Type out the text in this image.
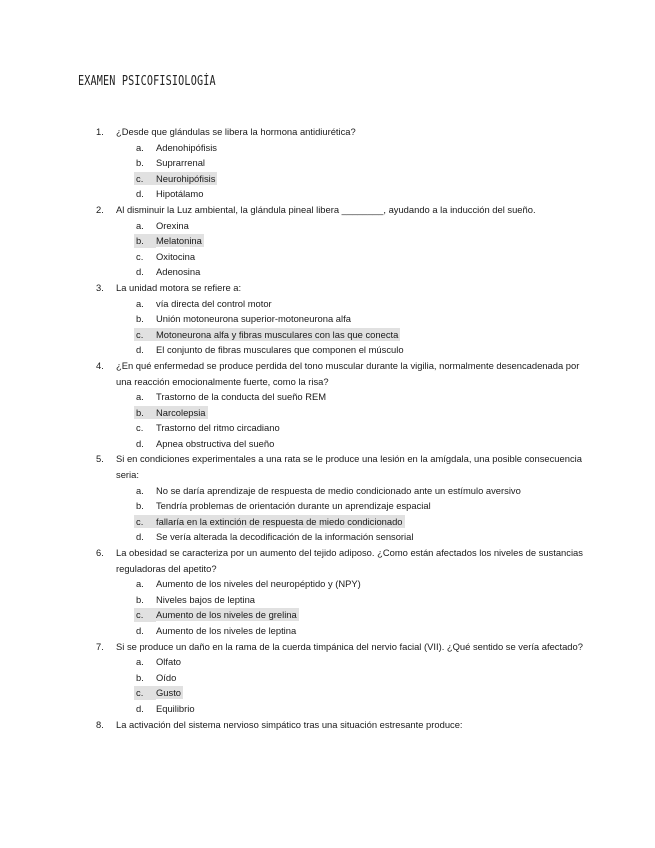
EXAMEN PSICOFISIOLOGÍA
1. ¿Desde que glándulas se libera la hormona antidiurética?
a. Adenohipófisis
b. Suprarrenal
c. Neurohipófisis
d. Hipotálamo
2. Al disminuir la Luz ambiental, la glándula pineal libera ________, ayudando a la inducción del sueño.
a. Orexina
b. Melatonina
c. Oxitocina
d. Adenosina
3. La unidad motora se refiere a:
a. vía directa del control motor
b. Unión motoneurona superior-motoneurona alfa
c. Motoneurona alfa y fibras musculares con las que conecta
d. El conjunto de fibras musculares que componen el músculo
4. ¿En qué enfermedad se produce perdida del tono muscular durante la vigilia, normalmente desencadenada por una reacción emocionalmente fuerte, como la risa?
a. Trastorno de la conducta del sueño REM
b. Narcolepsia
c. Trastorno del ritmo circadiano
d. Apnea obstructiva del sueño
5. Si en condiciones experimentales a una rata se le produce una lesión en la amígdala, una posible consecuencia seria:
a. No se daría aprendizaje de respuesta de medio condicionado ante un estímulo aversivo
b. Tendría problemas de orientación durante un aprendizaje espacial
c. fallaría en la extinción de respuesta de miedo condicionado
d. Se vería alterada la decodificación de la información sensorial
6. La obesidad se caracteriza por un aumento del tejido adiposo. ¿Como están afectados los niveles de sustancias reguladoras del apetito?
a. Aumento de los niveles del neuropéptido y (NPY)
b. Niveles bajos de leptina
c. Aumento de los niveles de grelina
d. Aumento de los niveles de leptina
7. Si se produce un daño en la rama de la cuerda timpánica del nervio facial (VII). ¿Qué sentido se vería afectado?
a. Olfato
b. Oído
c. Gusto
d. Equilibrio
8. La activación del sistema nervioso simpático tras una situación estresante produce:
